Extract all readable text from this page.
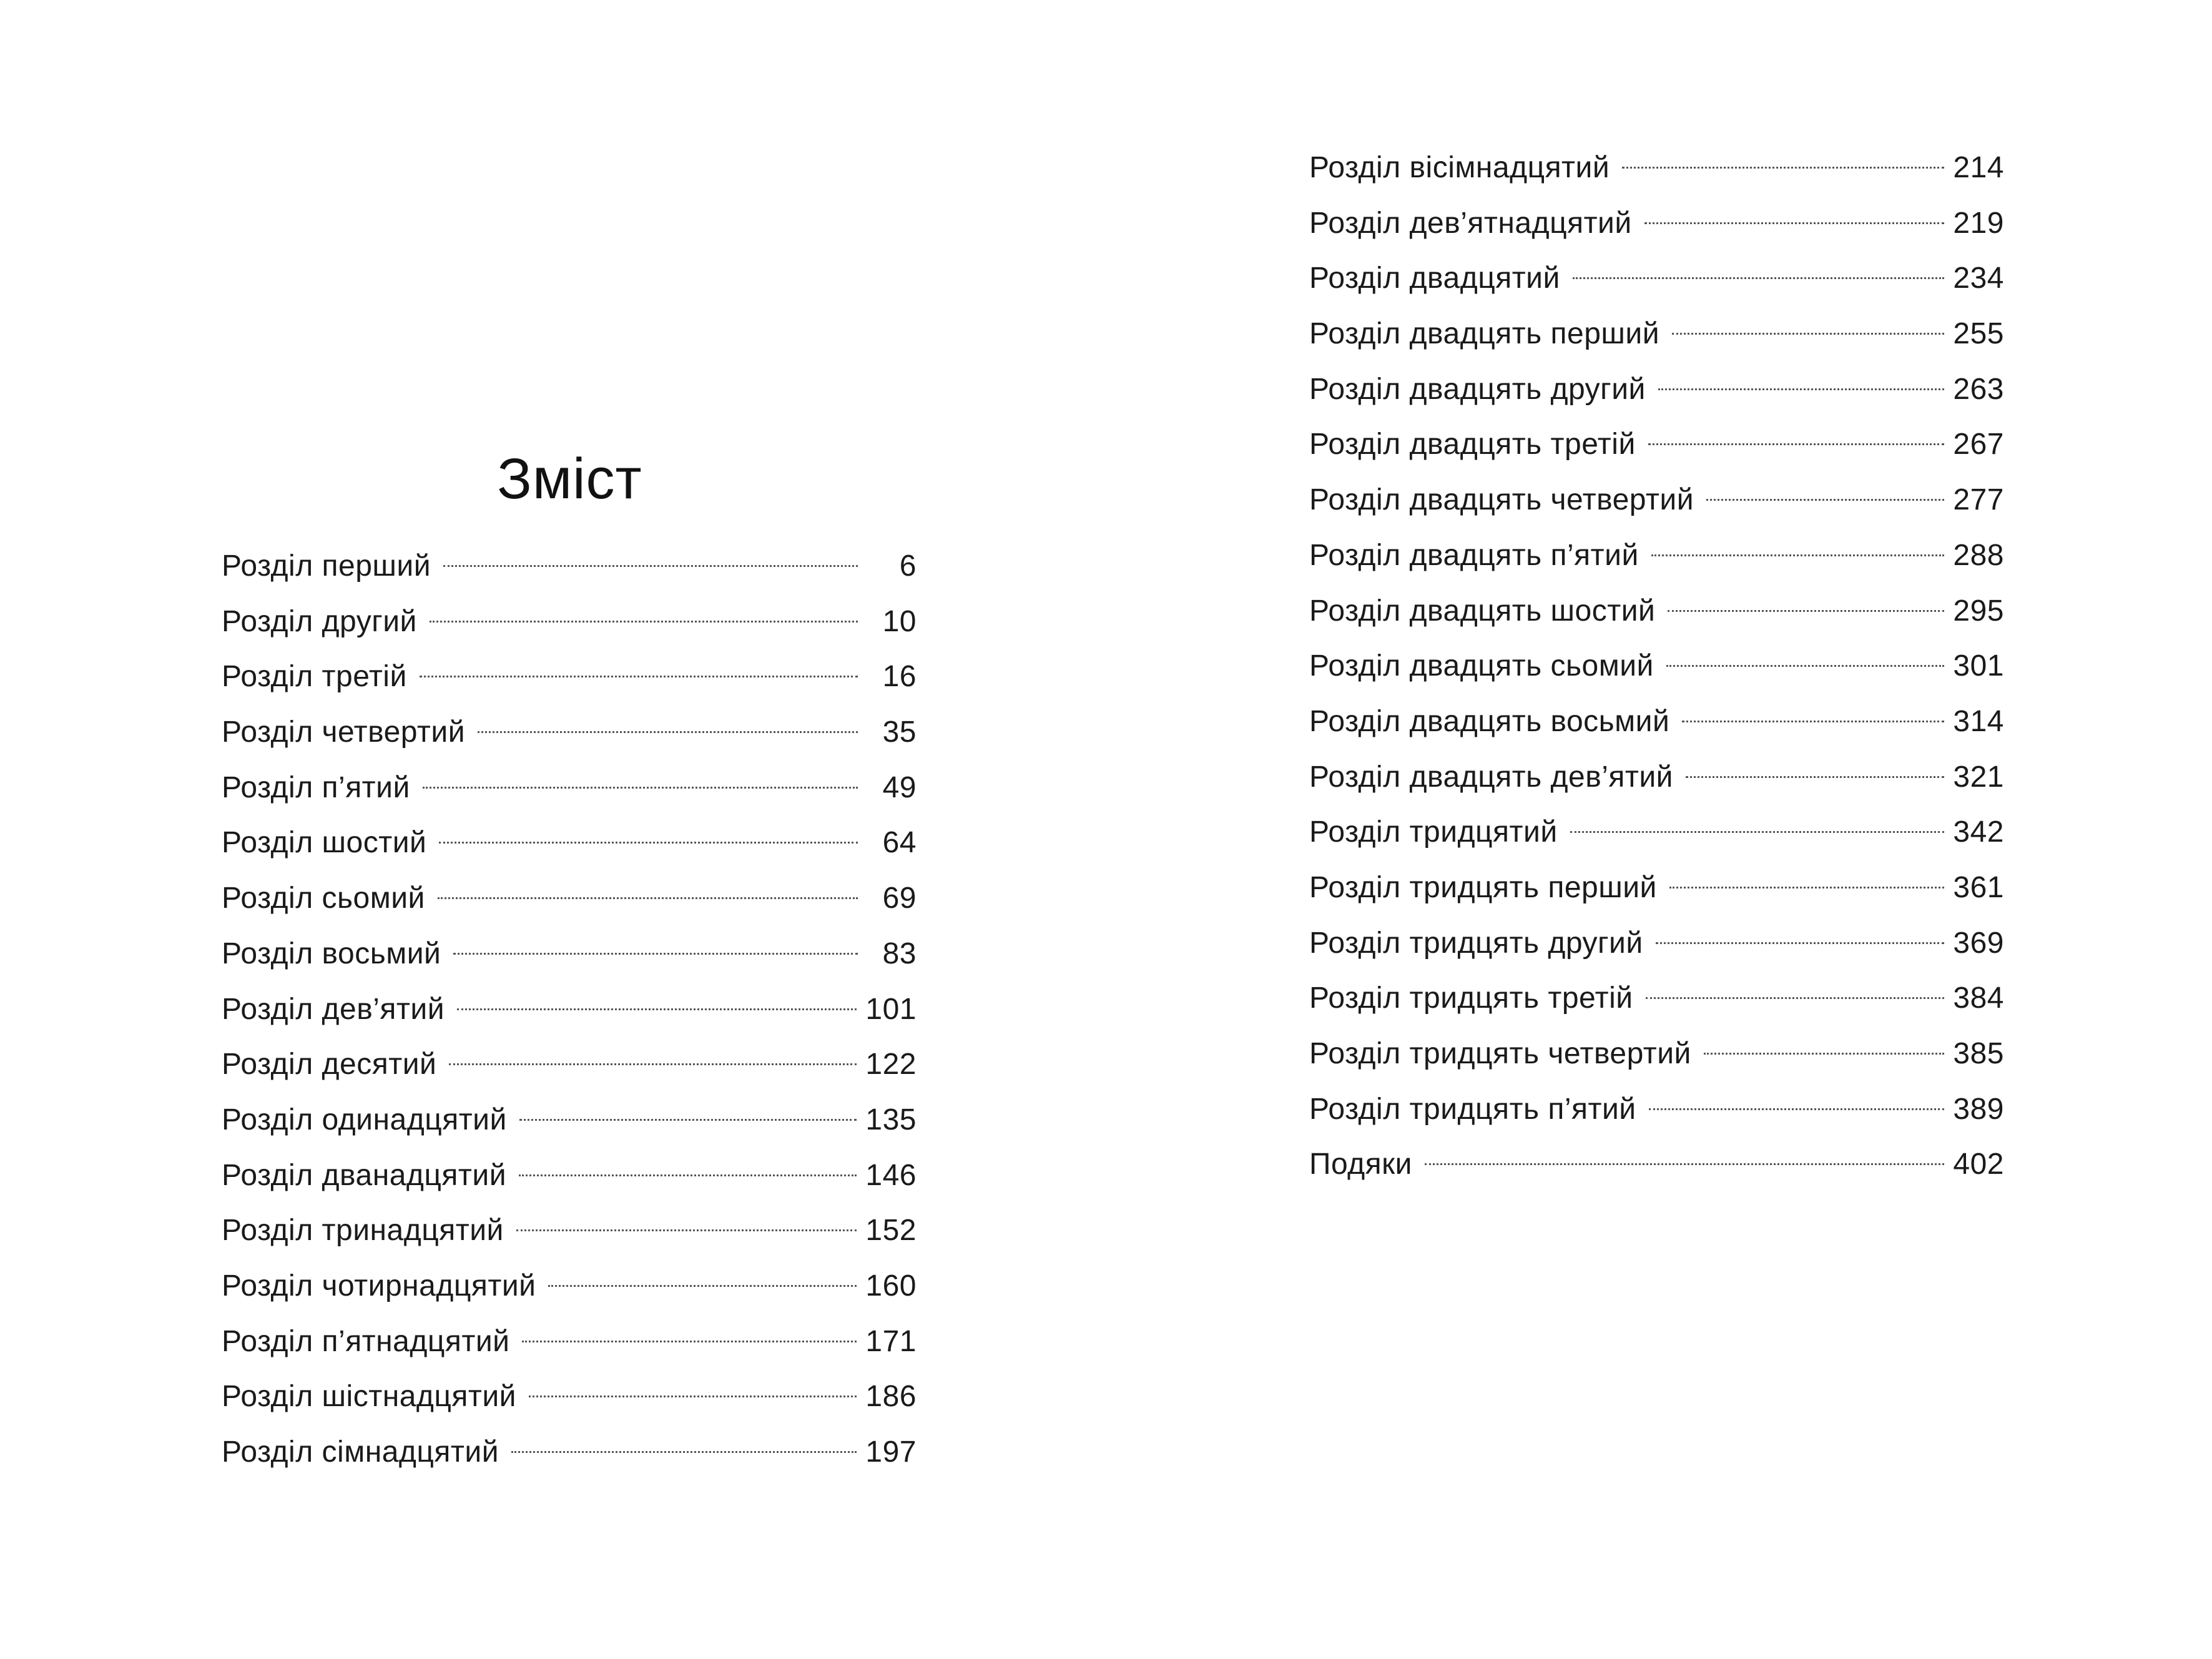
Зміст
Розділ перший	6
Розділ другий	10
Розділ третій	16
Розділ четвертий	35
Розділ п’ятий	49
Розділ шостий	64
Розділ сьомий	69
Розділ восьмий	83
Розділ дев’ятий	101
Розділ десятий	122
Розділ одинадцятий	135
Розділ дванадцятий	146
Розділ тринадцятий	152
Розділ чотирнадцятий	160
Розділ п’ятнадцятий	171
Розділ шістнадцятий	186
Розділ сімнадцятий	197
Розділ вісімнадцятий	214
Розділ дев’ятнадцятий	219
Розділ двадцятий	234
Розділ двадцять перший	255
Розділ двадцять другий	263
Розділ двадцять третій	267
Розділ двадцять четвертий	277
Розділ двадцять п’ятий	288
Розділ двадцять шостий	295
Розділ двадцять сьомий	301
Розділ двадцять восьмий	314
Розділ двадцять дев’ятий	321
Розділ тридцятий	342
Розділ тридцять перший	361
Розділ тридцять другий	369
Розділ тридцять третій	384
Розділ тридцять четвертий	385
Розділ тридцять п’ятий	389
Подяки	402
